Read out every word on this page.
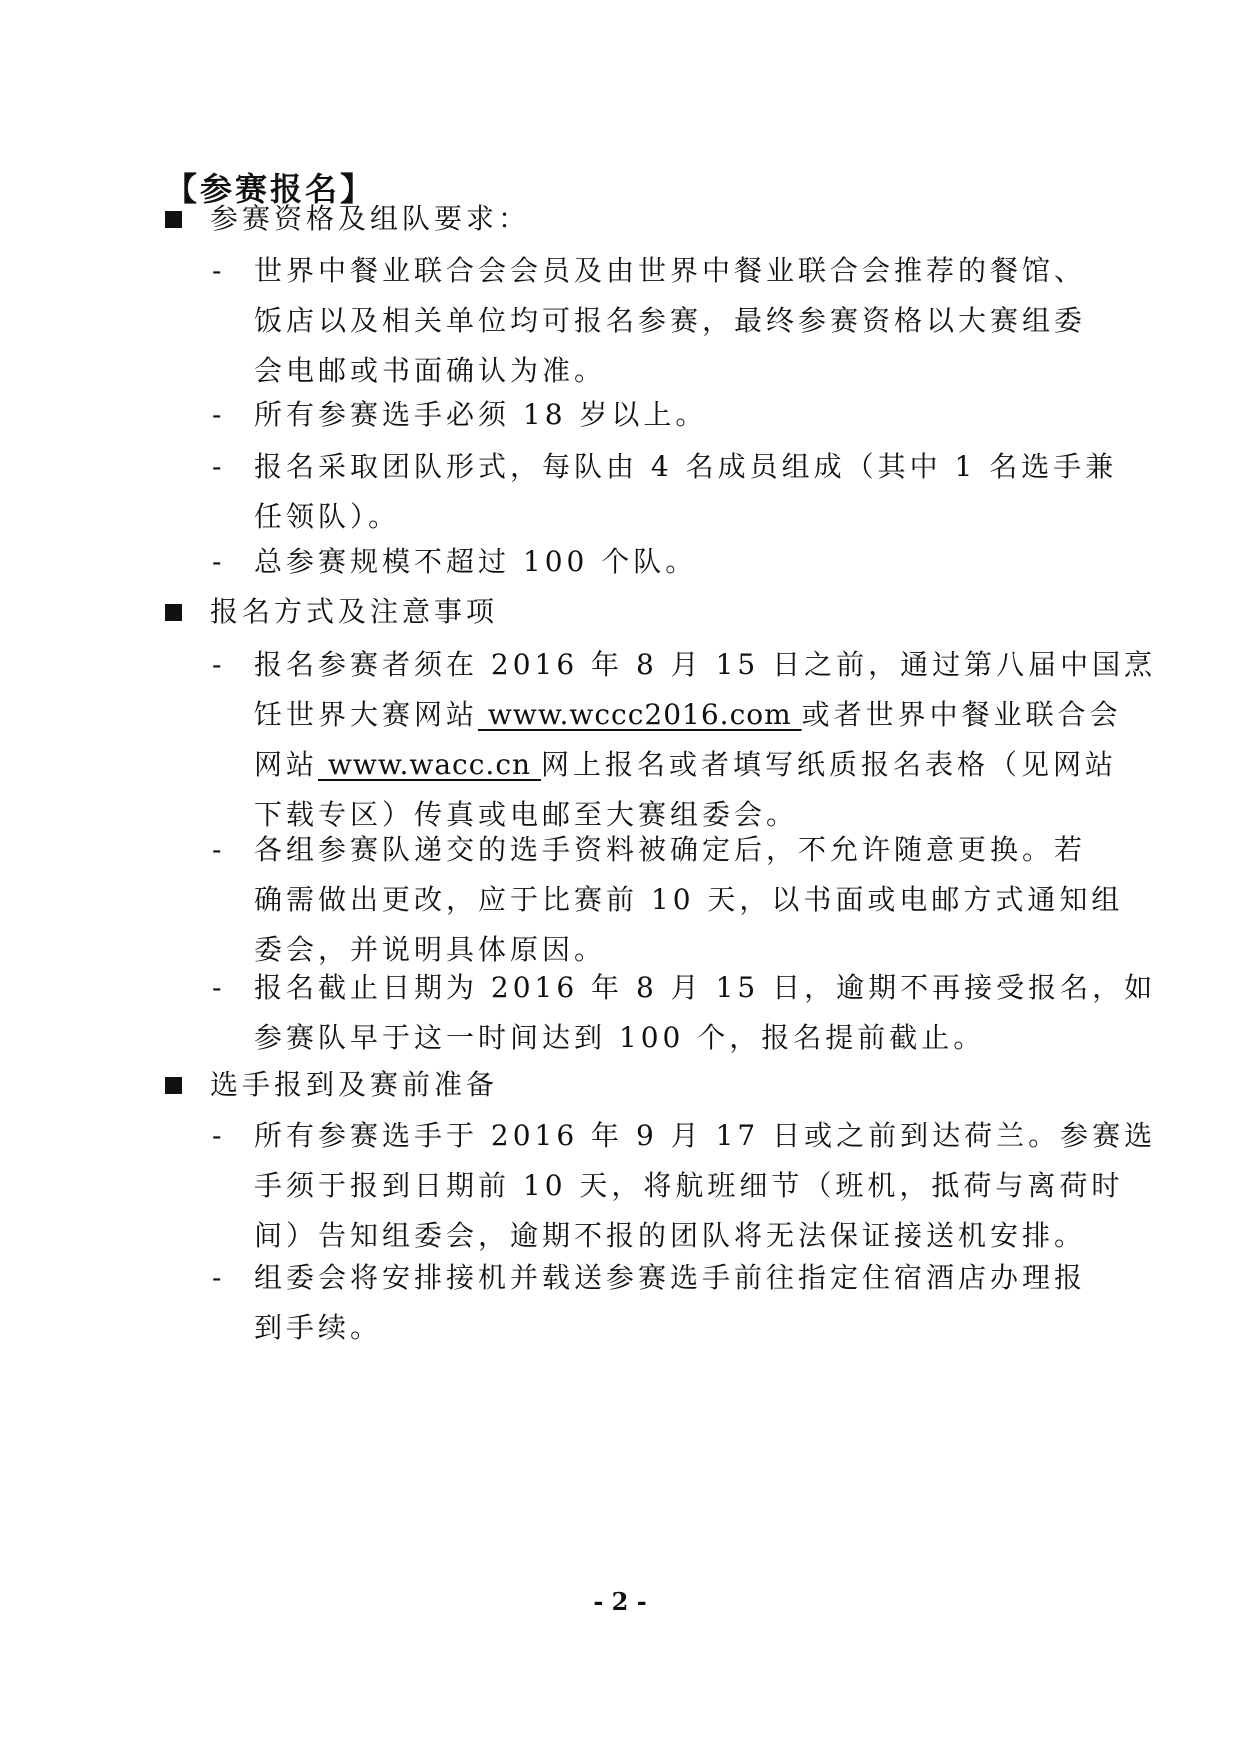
【参赛报名】
参赛资格及组队要求：
- 世界中餐业联合会会员及由世界中餐业联合会推荐的餐馆、
饭店以及相关单位均可报名参赛，最终参赛资格以大赛组委
会电邮或书面确认为准。
- 所有参赛选手必须 18 岁以上。
- 报名采取团队形式，每队由 4 名成员组成（其中 1 名选手兼
任领队）。
- 总参赛规模不超过 100 个队。
报名方式及注意事项
- 报名参赛者须在 2016 年 8 月 15 日之前，通过第八届中国烹
饪世界大赛网站 www.wccc2016.com 或者世界中餐业联合会
网站 www.wacc.cn 网上报名或者填写纸质报名表格（见网站
下载专区）传真或电邮至大赛组委会。
- 各组参赛队递交的选手资料被确定后，不允许随意更换。若
确需做出更改，应于比赛前 10 天，以书面或电邮方式通知组
委会，并说明具体原因。
- 报名截止日期为 2016 年 8 月 15 日，逾期不再接受报名，如
参赛队早于这一时间达到 100 个，报名提前截止。
选手报到及赛前准备
- 所有参赛选手于 2016 年 9 月 17 日或之前到达荷兰。参赛选
手须于报到日期前 10 天，将航班细节（班机，抵荷与离荷时
间）告知组委会，逾期不报的团队将无法保证接送机安排。
- 组委会将安排接机并载送参赛选手前往指定住宿酒店办理报
到手续。
- 2 -
